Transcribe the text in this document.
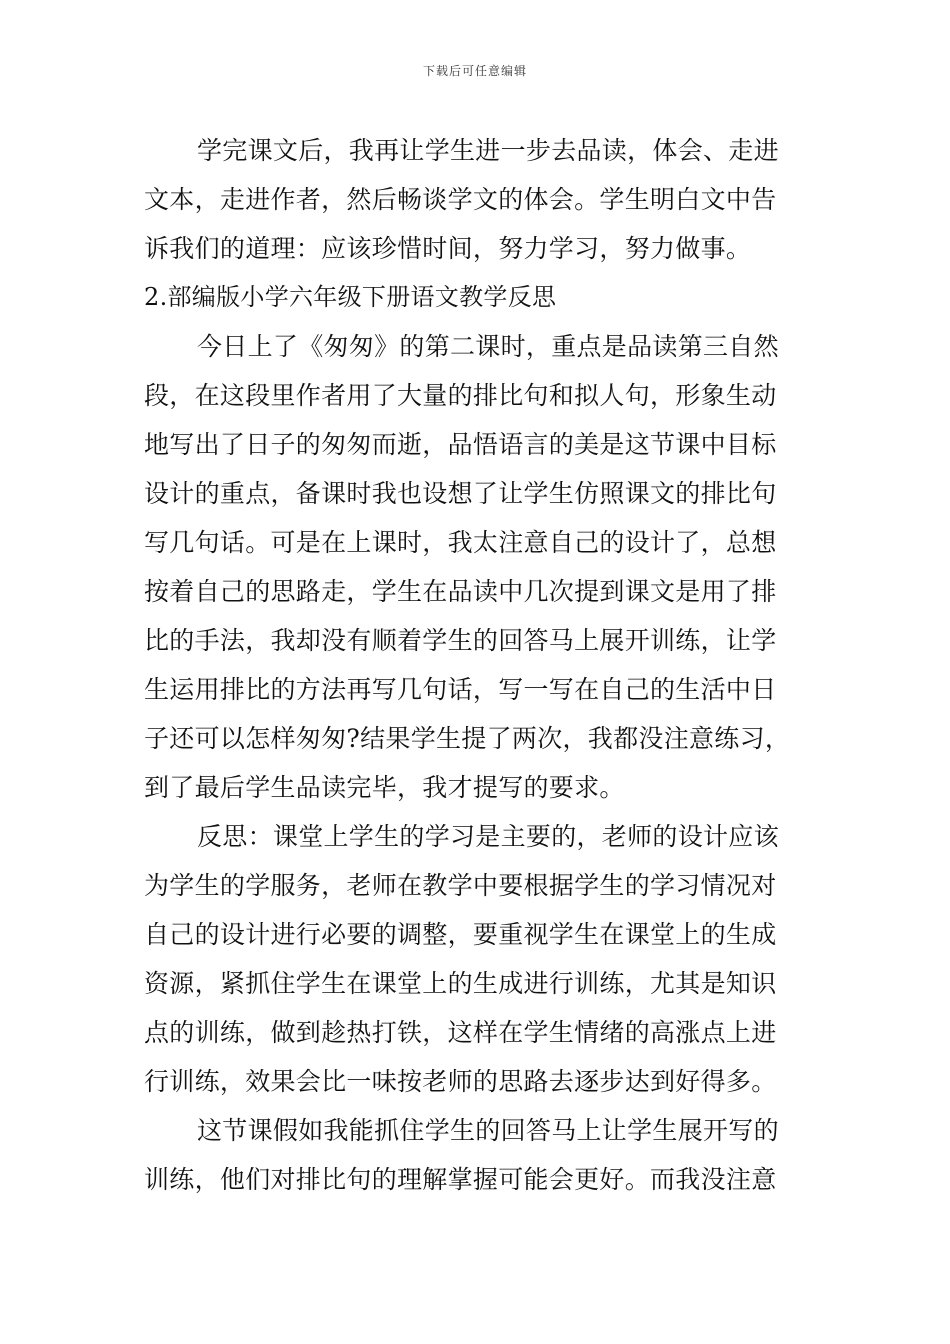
下载后可任意编辑
学完课文后，我再让学生进一步去品读，体会、走进
文本，走进作者，然后畅谈学文的体会。学生明白文中告
诉我们的道理：应该珍惜时间，努力学习，努力做事。
2.部编版小学六年级下册语文教学反思
今日上了《匆匆》的第二课时，重点是品读第三自然
段，在这段里作者用了大量的排比句和拟人句，形象生动
地写出了日子的匆匆而逝，品悟语言的美是这节课中目标
设计的重点，备课时我也设想了让学生仿照课文的排比句
写几句话。可是在上课时，我太注意自己的设计了，总想
按着自己的思路走，学生在品读中几次提到课文是用了排
比的手法，我却没有顺着学生的回答马上展开训练，让学
生运用排比的方法再写几句话，写一写在自己的生活中日
子还可以怎样匆匆?结果学生提了两次，我都没注意练习，
到了最后学生品读完毕，我才提写的要求。
反思：课堂上学生的学习是主要的，老师的设计应该
为学生的学服务，老师在教学中要根据学生的学习情况对
自己的设计进行必要的调整，要重视学生在课堂上的生成
资源，紧抓住学生在课堂上的生成进行训练，尤其是知识
点的训练，做到趁热打铁，这样在学生情绪的高涨点上进
行训练，效果会比一味按老师的思路去逐步达到好得多。
这节课假如我能抓住学生的回答马上让学生展开写的
训练，他们对排比句的理解掌握可能会更好。而我没注意
